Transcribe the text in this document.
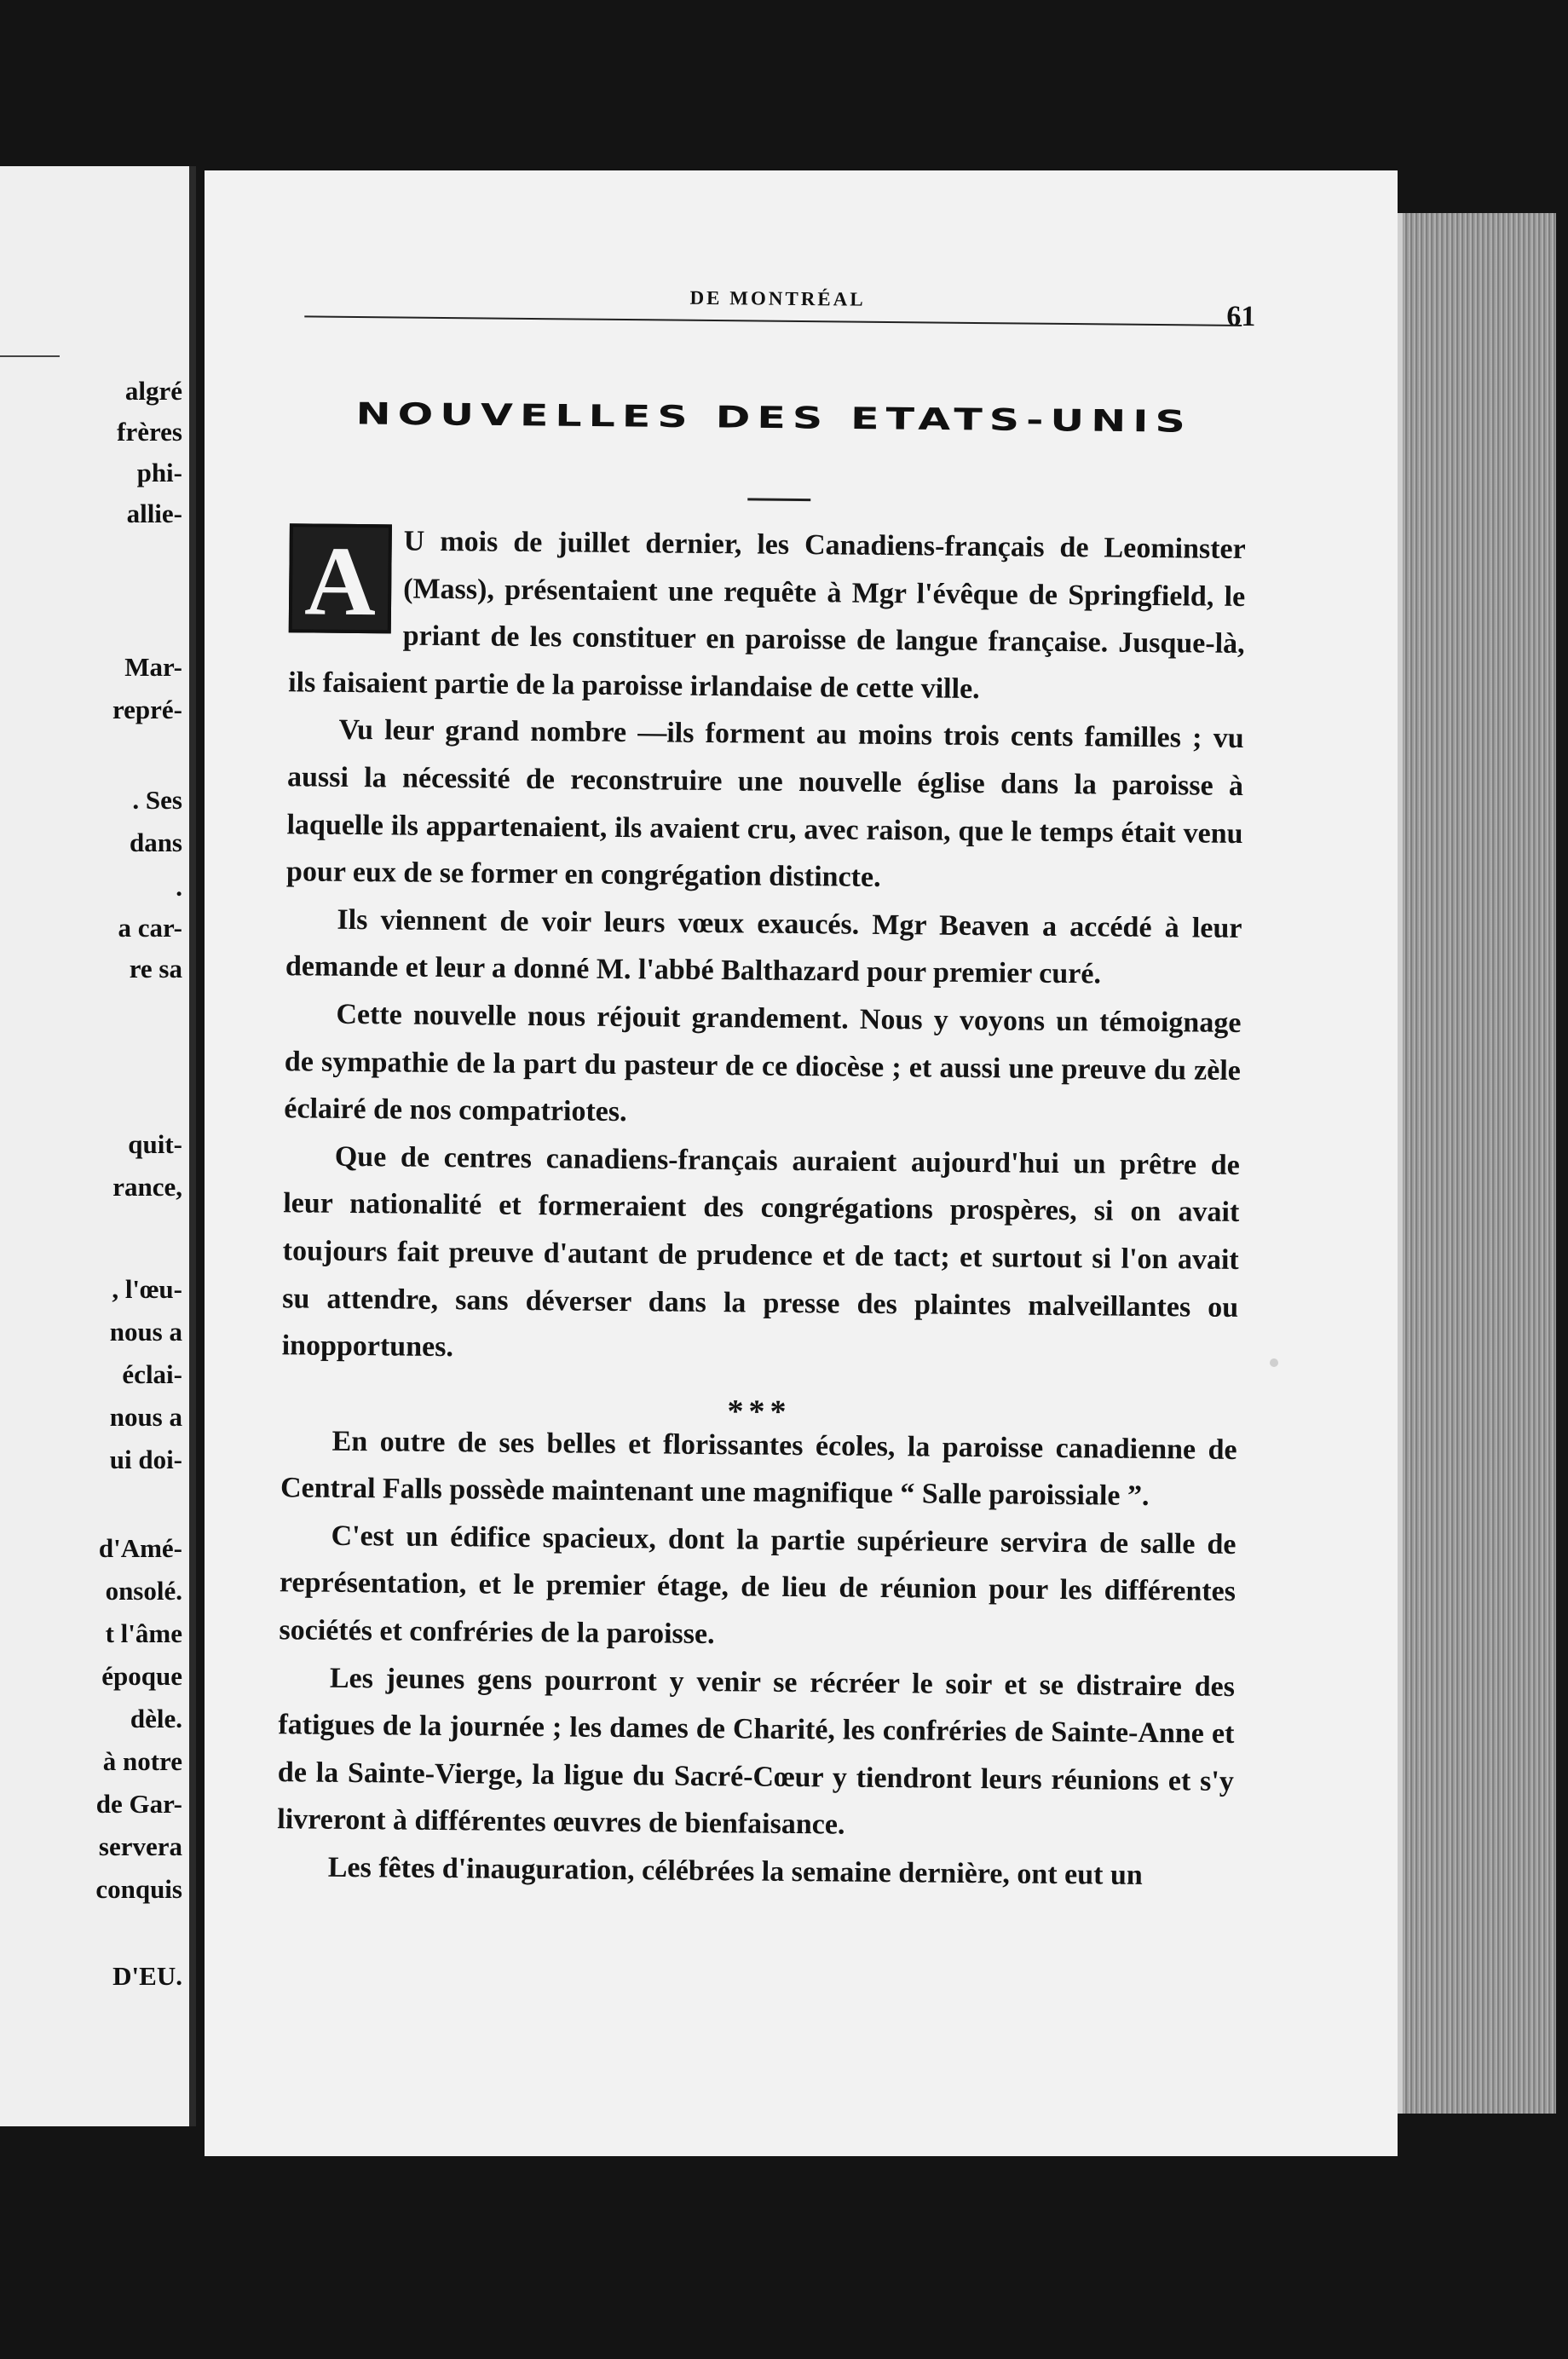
algré
frères
phi-
allie-
Mar-
repré-
. Ses
dans
.
a car-
re sa
quit-
rance,
, l'œu-
nous a
éclai-
nous a
ui doi-
d'Amé-
onsolé.
t l'âme
époque
dèle.
à notre
de Gar-
servera
conquis
D'EU.
DE MONTRÉAL
61
NOUVELLES DES ETATS-UNIS

A U mois de juillet dernier, les Canadiens-français de Leominster (Mass), présentaient une requête à Mgr l'évêque de Springfield, le priant de les constituer en paroisse de langue française. Jusque-là, ils faisaient partie de la paroisse irlandaise de cette ville.

Vu leur grand nombre —ils forment au moins trois cents familles ; vu aussi la nécessité de reconstruire une nouvelle église dans la paroisse à laquelle ils appartenaient, ils avaient cru, avec raison, que le temps était venu pour eux de se former en congrégation distincte.

Ils viennent de voir leurs vœux exaucés. Mgr Beaven a accédé à leur demande et leur a donné M. l'abbé Balthazard pour premier curé.

Cette nouvelle nous réjouit grandement. Nous y voyons un témoignage de sympathie de la part du pasteur de ce diocèse ; et aussi une preuve du zèle éclairé de nos compatriotes.

Que de centres canadiens-français auraient aujourd'hui un prêtre de leur nationalité et formeraient des congrégations prospères, si on avait toujours fait preuve d'autant de prudence et de tact; et surtout si l'on avait su attendre, sans déverser dans la presse des plaintes malveillantes ou inopportunes.

***

En outre de ses belles et florissantes écoles, la paroisse canadienne de Central Falls possède maintenant une magnifique “ Salle paroissiale ”.

C'est un édifice spacieux, dont la partie supérieure servira de salle de représentation, et le premier étage, de lieu de réunion pour les différentes sociétés et confréries de la paroisse.

Les jeunes gens pourront y venir se récréer le soir et se distraire des fatigues de la journée ; les dames de Charité, les confréries de Sainte-Anne et de la Sainte-Vierge, la ligue du Sacré-Cœur y tiendront leurs réunions et s'y livreront à différentes œuvres de bienfaisance.

Les fêtes d'inauguration, célébrées la semaine dernière, ont eut un
